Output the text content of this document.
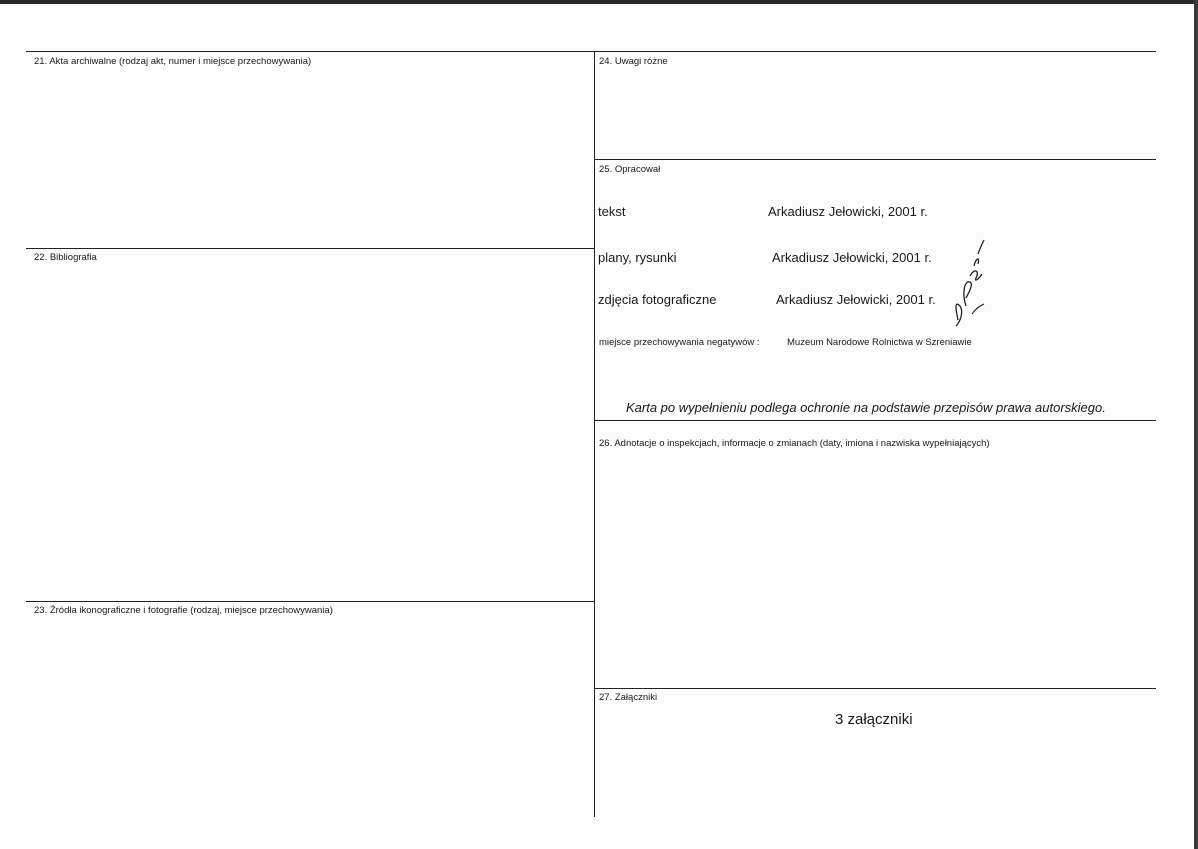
21. Akta archiwalne (rodzaj akt, numer i miejsce przechowywania)
22. Bibliografia
23. Źródła ikonograficzne i fotografie (rodzaj, miejsce przechowywania)
24. Uwagi różne
25. Opracował
tekst	Arkadiusz Jełowicki, 2001 r.
plany, rysunki	Arkadiusz Jełowicki, 2001 r.
zdjęcia fotograficzne	Arkadiusz Jełowicki, 2001 r.
miejsce przechowywania negatywów :	Muzeum Narodowe Rolnictwa w Szreniawie
Karta po wypełnieniu podlega ochronie na podstawie przepisów prawa autorskiego.
26. Adnotacje o inspekcjach, informacje o zmianach (daty, imiona i nazwiska wypełniających)
27. Załączniki
3 załączniki
